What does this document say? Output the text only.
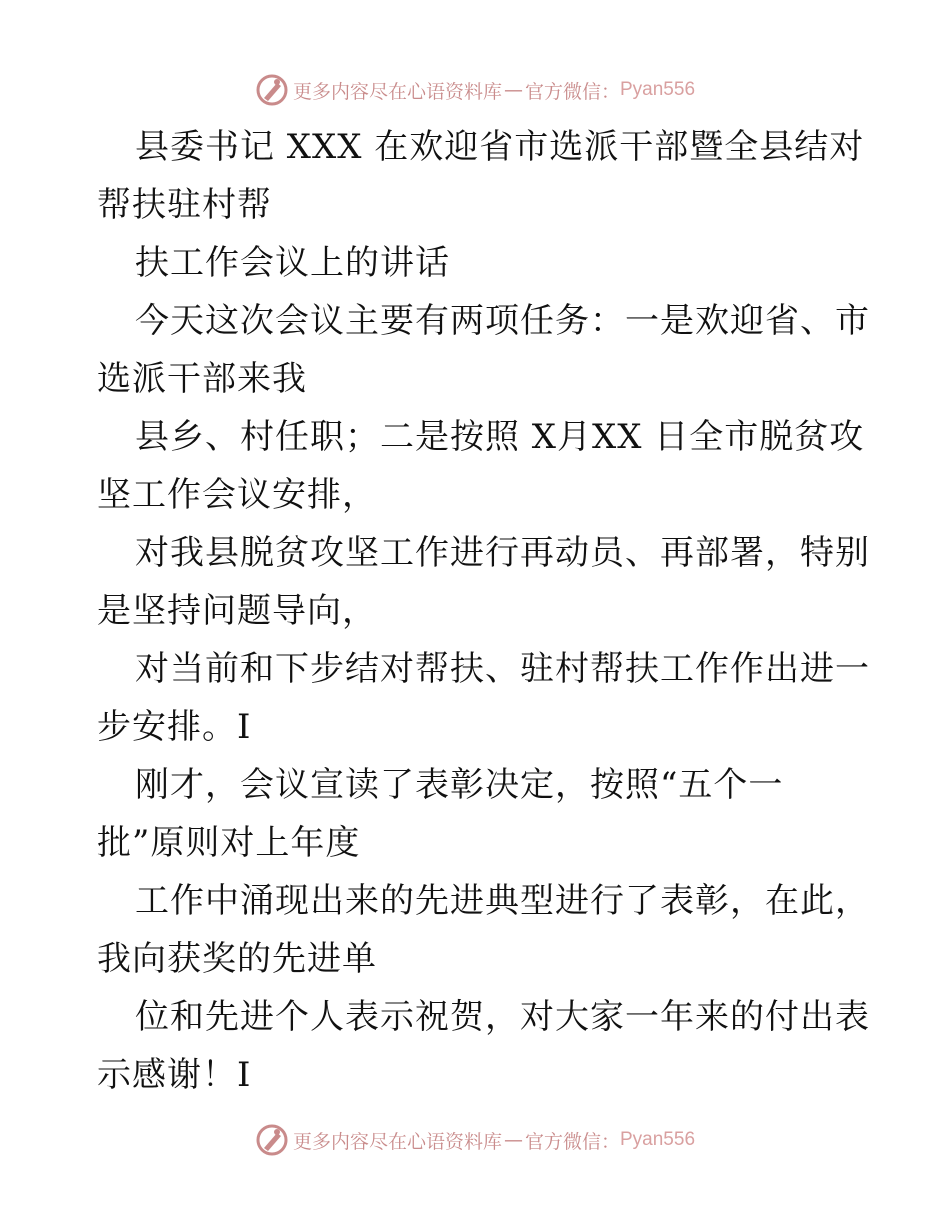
更多内容尽在心语资料库 — 官方微信： Pyan556
县委书记 XXX 在欢迎省市选派干部暨全县结对
帮扶驻村帮
扶工作会议上的讲话
今天这次会议主要有两项任务：一是欢迎省、市
选派干部来我
县乡、村任职；二是按照 X月XX 日全市脱贫攻
坚工作会议安排，
对我县脱贫攻坚工作进行再动员、再部署，特别
是坚持问题导向，
对当前和下步结对帮扶、驻村帮扶工作作出进一
步安排。I
刚才，会议宣读了表彰决定，按照“五个一
批”原则对上年度
工作中涌现出来的先进典型进行了表彰，在此，
我向获奖的先进单
位和先进个人表示祝贺，对大家一年来的付出表
示感谢！I
更多内容尽在心语资料库 — 官方微信： Pyan556
